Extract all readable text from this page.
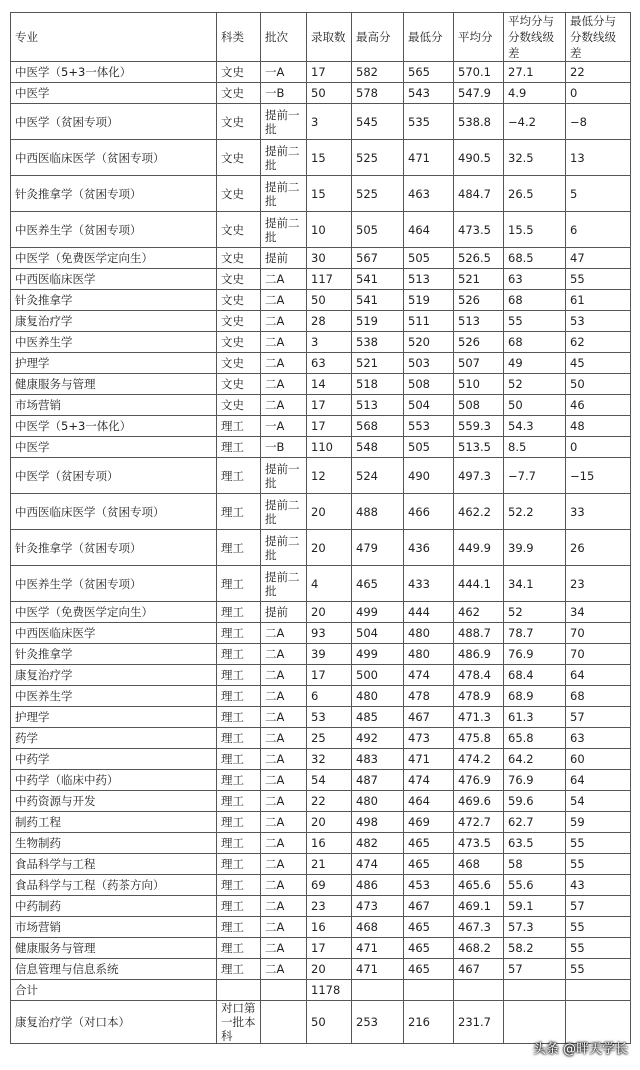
专业	科类	批次	录取数	最高分	最低分	平均分	平均分与分数线级差	最低分与分数线级差
中医学（5+3一体化）	文史	一A	17	582	565	570.1	27.1	22
中医学	文史	一B	50	578	543	547.9	4.9	0
中医学（贫困专项）	文史	提前一批	3	545	535	538.8	−4.2	−8
中西医临床医学（贫困专项）	文史	提前二批	15	525	471	490.5	32.5	13
针灸推拿学（贫困专项）	文史	提前二批	15	525	463	484.7	26.5	5
中医养生学（贫困专项）	文史	提前二批	10	505	464	473.5	15.5	6
中医学（免费医学定向生）	文史	提前	30	567	505	526.5	68.5	47
中西医临床医学	文史	二A	117	541	513	521	63	55
针灸推拿学	文史	二A	50	541	519	526	68	61
康复治疗学	文史	二A	28	519	511	513	55	53
中医养生学	文史	二A	3	538	520	526	68	62
护理学	文史	二A	63	521	503	507	49	45
健康服务与管理	文史	二A	14	518	508	510	52	50
市场营销	文史	二A	17	513	504	508	50	46
中医学（5+3一体化）	理工	一A	17	568	553	559.3	54.3	48
中医学	理工	一B	110	548	505	513.5	8.5	0
中医学（贫困专项）	理工	提前一批	12	524	490	497.3	−7.7	−15
中西医临床医学（贫困专项）	理工	提前二批	20	488	466	462.2	52.2	33
针灸推拿学（贫困专项）	理工	提前二批	20	479	436	449.9	39.9	26
中医养生学（贫困专项）	理工	提前二批	4	465	433	444.1	34.1	23
中医学（免费医学定向生）	理工	提前	20	499	444	462	52	34
中西医临床医学	理工	二A	93	504	480	488.7	78.7	70
针灸推拿学	理工	二A	39	499	480	486.9	76.9	70
康复治疗学	理工	二A	17	500	474	478.4	68.4	64
中医养生学	理工	二A	6	480	478	478.9	68.9	68
护理学	理工	二A	53	485	467	471.3	61.3	57
药学	理工	二A	25	492	473	475.8	65.8	63
中药学	理工	二A	32	483	471	474.2	64.2	60
中药学（临床中药）	理工	二A	54	487	474	476.9	76.9	64
中药资源与开发	理工	二A	22	480	464	469.6	59.6	54
制药工程	理工	二A	20	498	469	472.7	62.7	59
生物制药	理工	二A	16	482	465	473.5	63.5	55
食品科学与工程	理工	二A	21	474	465	468	58	55
食品科学与工程（药茶方向）	理工	二A	69	486	453	465.6	55.6	43
中药制药	理工	二A	23	473	467	469.1	59.1	57
市场营销	理工	二A	16	468	465	467.3	57.3	55
健康服务与管理	理工	二A	17	471	465	468.2	58.2	55
信息管理与信息系统	理工	二A	20	471	465	467	57	55
合计			1178					
康复治疗学（对口本）	对口第一批本科		50	253	216	231.7		
头条 @畔天学长
